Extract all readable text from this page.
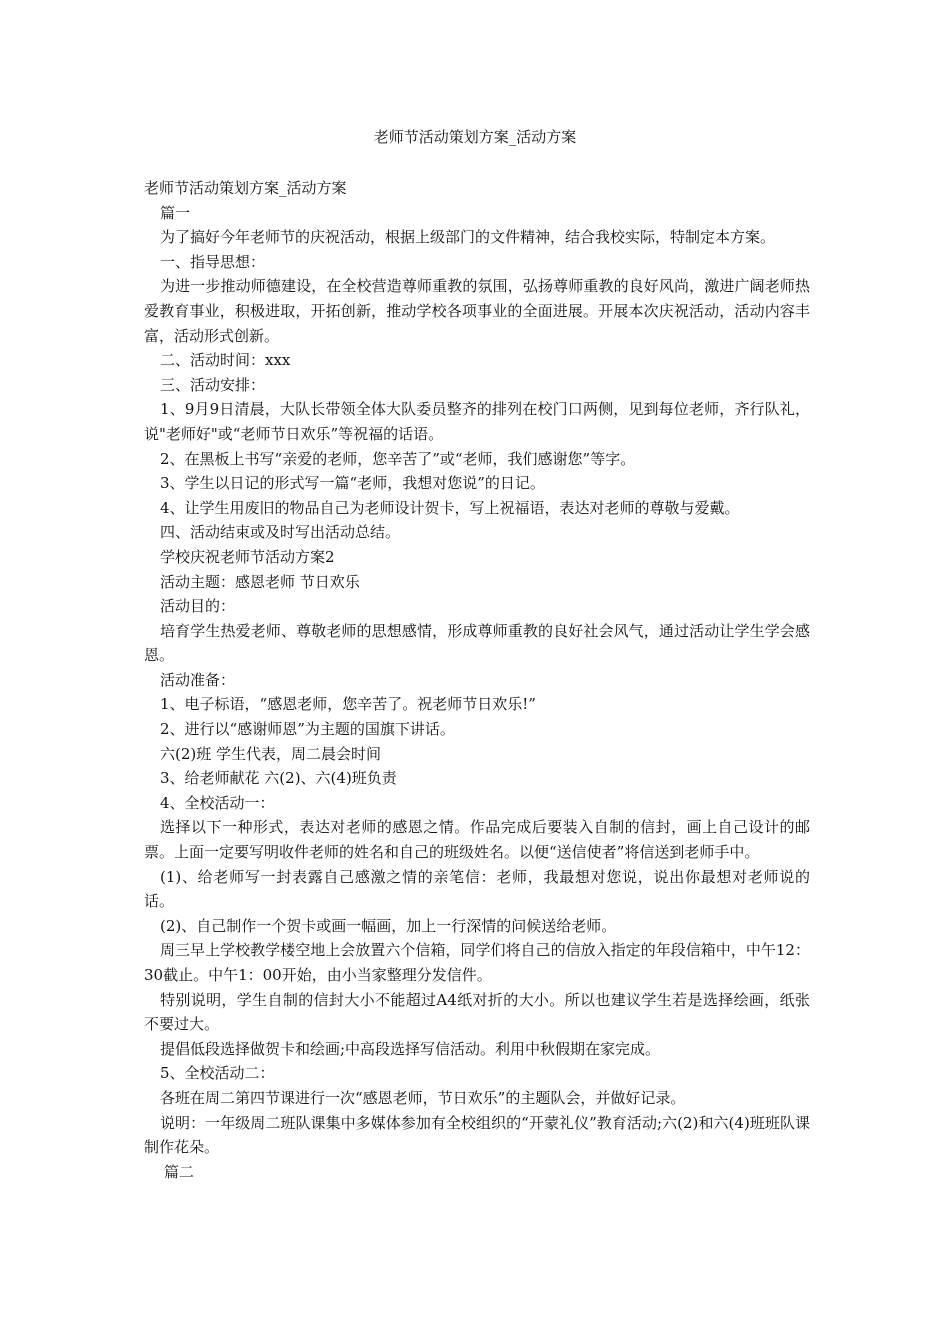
老师节活动策划方案_活动方案

老师节活动策划方案_活动方案

篇一

为了搞好今年老师节的庆祝活动，根据上级部门的文件精神，结合我校实际，特制定本方案。

一、指导思想：

为进一步推动师德建设，在全校营造尊师重教的氛围，弘扬尊师重教的良好风尚，激进广阔老师热爱教育事业，积极进取，开拓创新，推动学校各项事业的全面进展。开展本次庆祝活动，活动内容丰富，活动形式创新。

二、活动时间：xxx

三、活动安排：

1、9月9日清晨，大队长带领全体大队委员整齐的排列在校门口两侧，见到每位老师，齐行队礼，说"老师好"或“老师节日欢乐”等祝福的话语。

2、在黑板上书写“亲爱的老师，您辛苦了”或“老师，我们感谢您”等字。

3、学生以日记的形式写一篇“老师，我想对您说”的日记。

4、让学生用废旧的物品自己为老师设计贺卡，写上祝福语，表达对老师的尊敬与爱戴。

四、活动结束或及时写出活动总结。

学校庆祝老师节活动方案2

活动主题：感恩老师 节日欢乐

活动目的：

培育学生热爱老师、尊敬老师的思想感情，形成尊师重教的良好社会风气，通过活动让学生学会感恩。

活动准备：

1、电子标语，“感恩老师，您辛苦了。祝老师节日欢乐!”

2、进行以“感谢师恩”为主题的国旗下讲话。

六(2)班 学生代表，周二晨会时间

3、给老师献花 六(2)、六(4)班负责

4、全校活动一：

选择以下一种形式，表达对老师的感恩之情。作品完成后要装入自制的信封，画上自己设计的邮票。上面一定要写明收件老师的姓名和自己的班级姓名。以便“送信使者”将信送到老师手中。

(1)、给老师写一封表露自己感激之情的亲笔信：老师，我最想对您说，说出你最想对老师说的话。

(2)、自己制作一个贺卡或画一幅画，加上一行深情的问候送给老师。

周三早上学校教学楼空地上会放置六个信箱，同学们将自己的信放入指定的年段信箱中，中午12：30截止。中午1：00开始，由小当家整理分发信件。

特别说明，学生自制的信封大小不能超过A4纸对折的大小。所以也建议学生若是选择绘画，纸张不要过大。

提倡低段选择做贺卡和绘画;中高段选择写信活动。利用中秋假期在家完成。

5、全校活动二：

各班在周二第四节课进行一次“感恩老师，节日欢乐”的主题队会，并做好记录。

说明：一年级周二班队课集中多媒体参加有全校组织的“开蒙礼仪”教育活动;六(2)和六(4)班班队课制作花朵。

篇二
